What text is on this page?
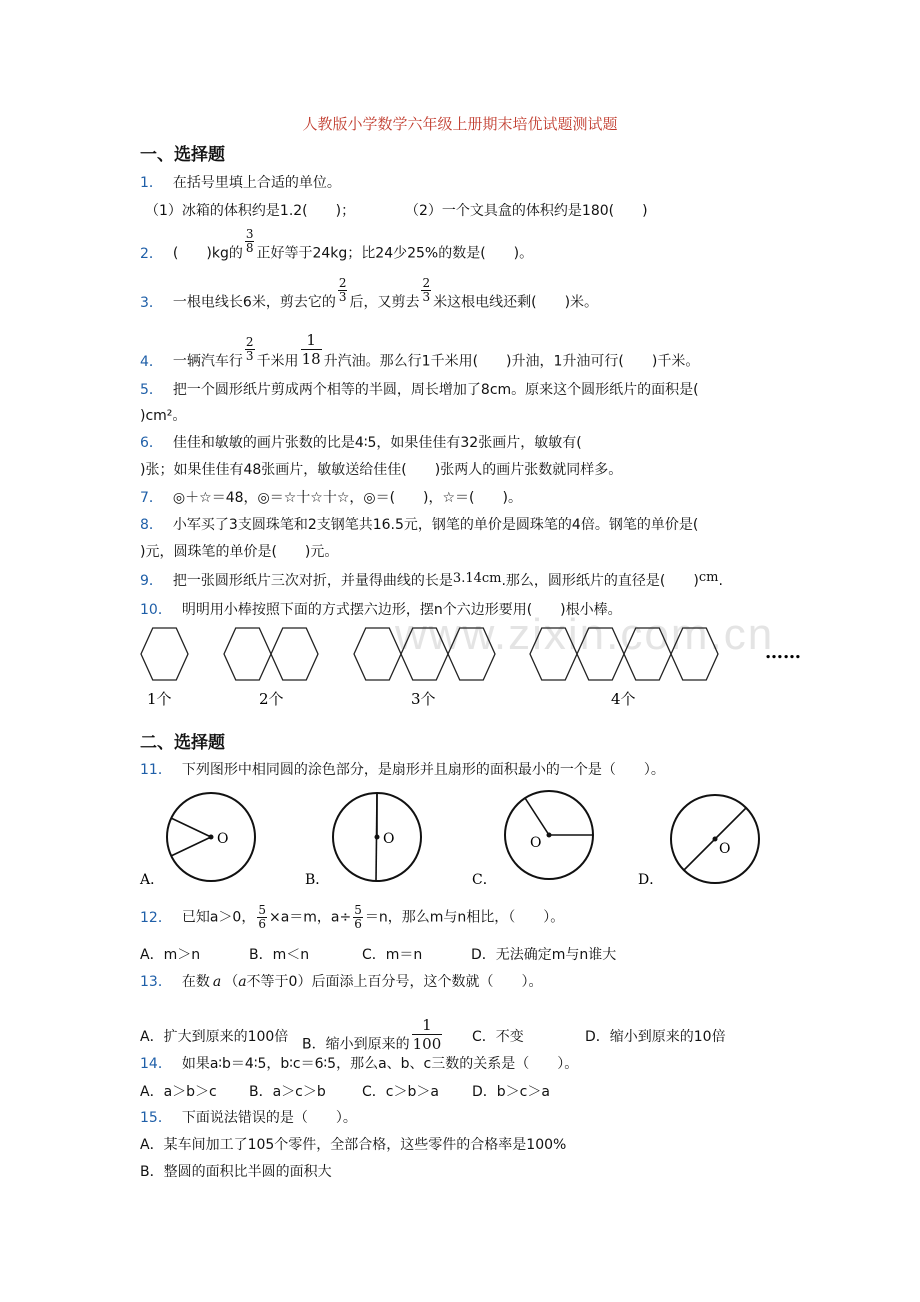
人教版小学数学六年级上册期末培优试题测试题
www.zixin.com.cn
一、选择题
1． 在括号里填上合适的单位。
（1）冰箱的体积约是1.2(　　)；	（2）一个文具盒的体积约是180(　　)
2． (　　)kg的 $\frac{3}{8}$ 正好等于24kg；比24少25%的数是(　　)。
3． 一根电线长6米，剪去它的 $\frac{2}{3}$ 后，又剪去 $\frac{2}{3}$ 米这根电线还剩(　　)米。
4． 一辆汽车行 $\frac{2}{3}$ 千米用 $\frac{1}{18}$ 升汽油。那么行1千米用(　　)升油，1升油可行(　　)千米。
5． 把一个圆形纸片剪成两个相等的半圆，周长增加了8cm。原来这个圆形纸片的面积是(
)cm²。
6． 佳佳和敏敏的画片张数的比是4∶5，如果佳佳有32张画片，敏敏有(
)张；如果佳佳有48张画片，敏敏送给佳佳(　　)张两人的画片张数就同样多。
7． ◎＋☆＝48，◎＝☆十☆十☆，◎＝(　　)，☆＝(　　)。
8． 小军买了3支圆珠笔和2支钢笔共16.5元，钢笔的单价是圆珠笔的4倍。钢笔的单价是(
)元，圆珠笔的单价是(　　)元。
9． 把一张圆形纸片三次对折，并量得曲线的长是3.14cm.那么，圆形纸片的直径是(　　)cm.
10． 明明用小棒按照下面的方式摆六边形，摆n个六边形要用(　　)根小棒。
1个	2个	3个	4个
……
二、选择题
11． 下列图形中相同圆的涂色部分，是扇形并且扇形的面积最小的一个是（　　）。
A．
O
B．
O
C．
O
D．
O
12． 已知a＞0， $\frac{5}{6} \times a=m$，$a\div \frac{5}{6} =n$，那么m与n相比，（　　）。
A．m＞n	B．m＜n	C．m＝n	D．无法确定m与n谁大
13． 在数 a （a不等于0）后面添上百分号，这个数就（　　）。
A．扩大到原来的100倍 B．缩小到原来的 $\frac{1}{100}$ C．不变	D．缩小到原来的10倍
14． 如果a∶b＝4∶5，b∶c＝6∶5，那么a、b、c三数的关系是（　　）。
A．a＞b＞c B．a＞c＞b	C．c＞b＞a D．b＞c＞a
15． 下面说法错误的是（　　）。
A．某车间加工了105个零件，全部合格，这些零件的合格率是100%
B．整圆的面积比半圆的面积大
